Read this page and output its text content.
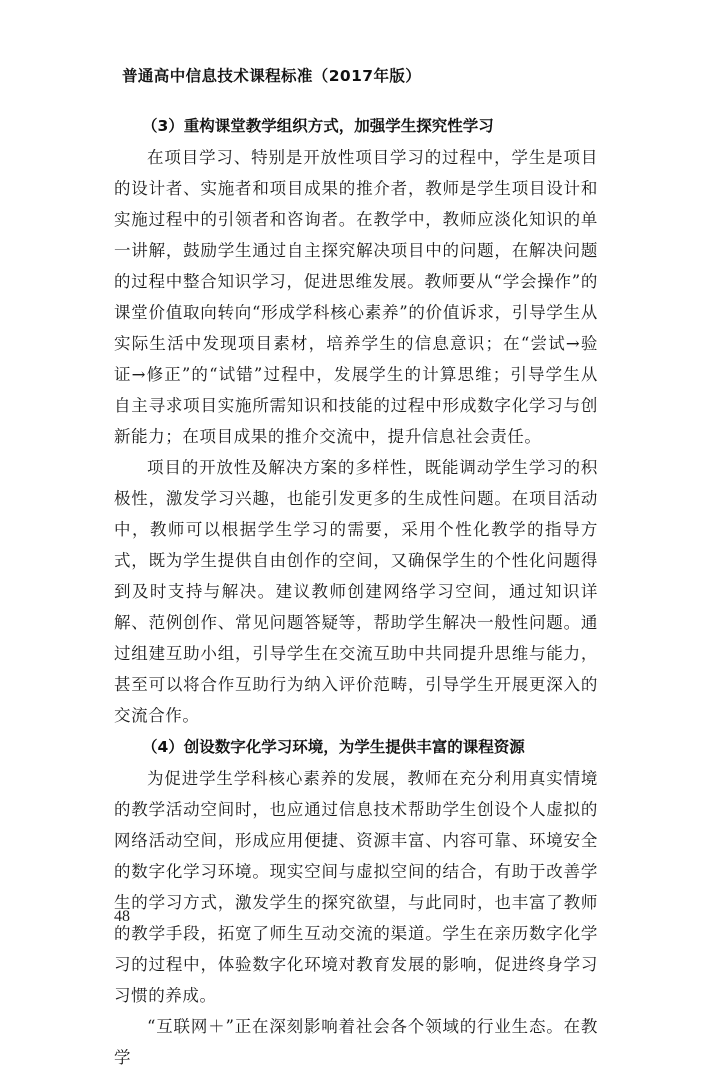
普通高中信息技术课程标准（2017年版）
（3）重构课堂教学组织方式，加强学生探究性学习

在项目学习、特别是开放性项目学习的过程中，学生是项目的设计者、实施者和项目成果的推介者，教师是学生项目设计和实施过程中的引领者和咨询者。在教学中，教师应淡化知识的单一讲解，鼓励学生通过自主探究解决项目中的问题，在解决问题的过程中整合知识学习，促进思维发展。教师要从“学会操作”的课堂价值取向转向“形成学科核心素养”的价值诉求，引导学生从实际生活中发现项目素材，培养学生的信息意识；在“尝试→验证→修正”的“试错”过程中，发展学生的计算思维；引导学生从自主寻求项目实施所需知识和技能的过程中形成数字化学习与创新能力；在项目成果的推介交流中，提升信息社会责任。

项目的开放性及解决方案的多样性，既能调动学生学习的积极性，激发学习兴趣，也能引发更多的生成性问题。在项目活动中，教师可以根据学生学习的需要，采用个性化教学的指导方式，既为学生提供自由创作的空间，又确保学生的个性化问题得到及时支持与解决。建议教师创建网络学习空间，通过知识详解、范例创作、常见问题答疑等，帮助学生解决一般性问题。通过组建互助小组，引导学生在交流互助中共同提升思维与能力，甚至可以将合作互助行为纳入评价范畴，引导学生开展更深入的交流合作。

（4）创设数字化学习环境，为学生提供丰富的课程资源

为促进学生学科核心素养的发展，教师在充分利用真实情境的教学活动空间时，也应通过信息技术帮助学生创设个人虚拟的网络活动空间，形成应用便捷、资源丰富、内容可靠、环境安全的数字化学习环境。现实空间与虚拟空间的结合，有助于改善学生的学习方式，激发学生的探究欲望，与此同时，也丰富了教师的教学手段，拓宽了师生互动交流的渠道。学生在亲历数字化学习的过程中，体验数字化环境对教育发展的影响，促进终身学习习惯的养成。

“互联网＋”正在深刻影响着社会各个领域的行业生态。在教学

48
